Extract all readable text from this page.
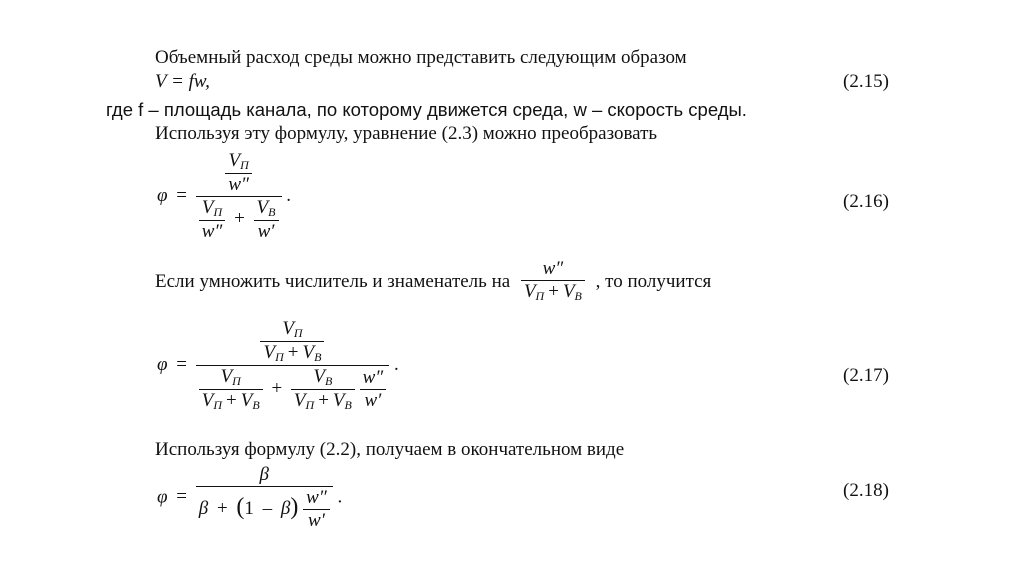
Объемный расход среды можно представить следующим образом
V = fw,	(2.15)
где f – площадь канала, по которому движется среда, w – скорость среды.
Используя эту формулу, уравнение (2.3) можно преобразовать
$\varphi = \frac{V_П}{w''}$
$\frac{V_П}{w''} + \frac{V_В}{w'}$
.	(2.16)
Если умножить числитель и знаменатель на $\frac{w''}{V_П + V_В}$ , то получится
φ =	$\frac{V_П}{V_П + V_В}$
$\frac{V_П}{V_П + V_В} + \frac{V_В}{V_П + V_В}$
$\frac{w''}{w'}$
.
(2.17)
Используя формулу (2.2), получаем в окончательном виде
φ =
β
$\beta + (1 - \beta) \frac{w''}{w'}$ .	(2.18)
